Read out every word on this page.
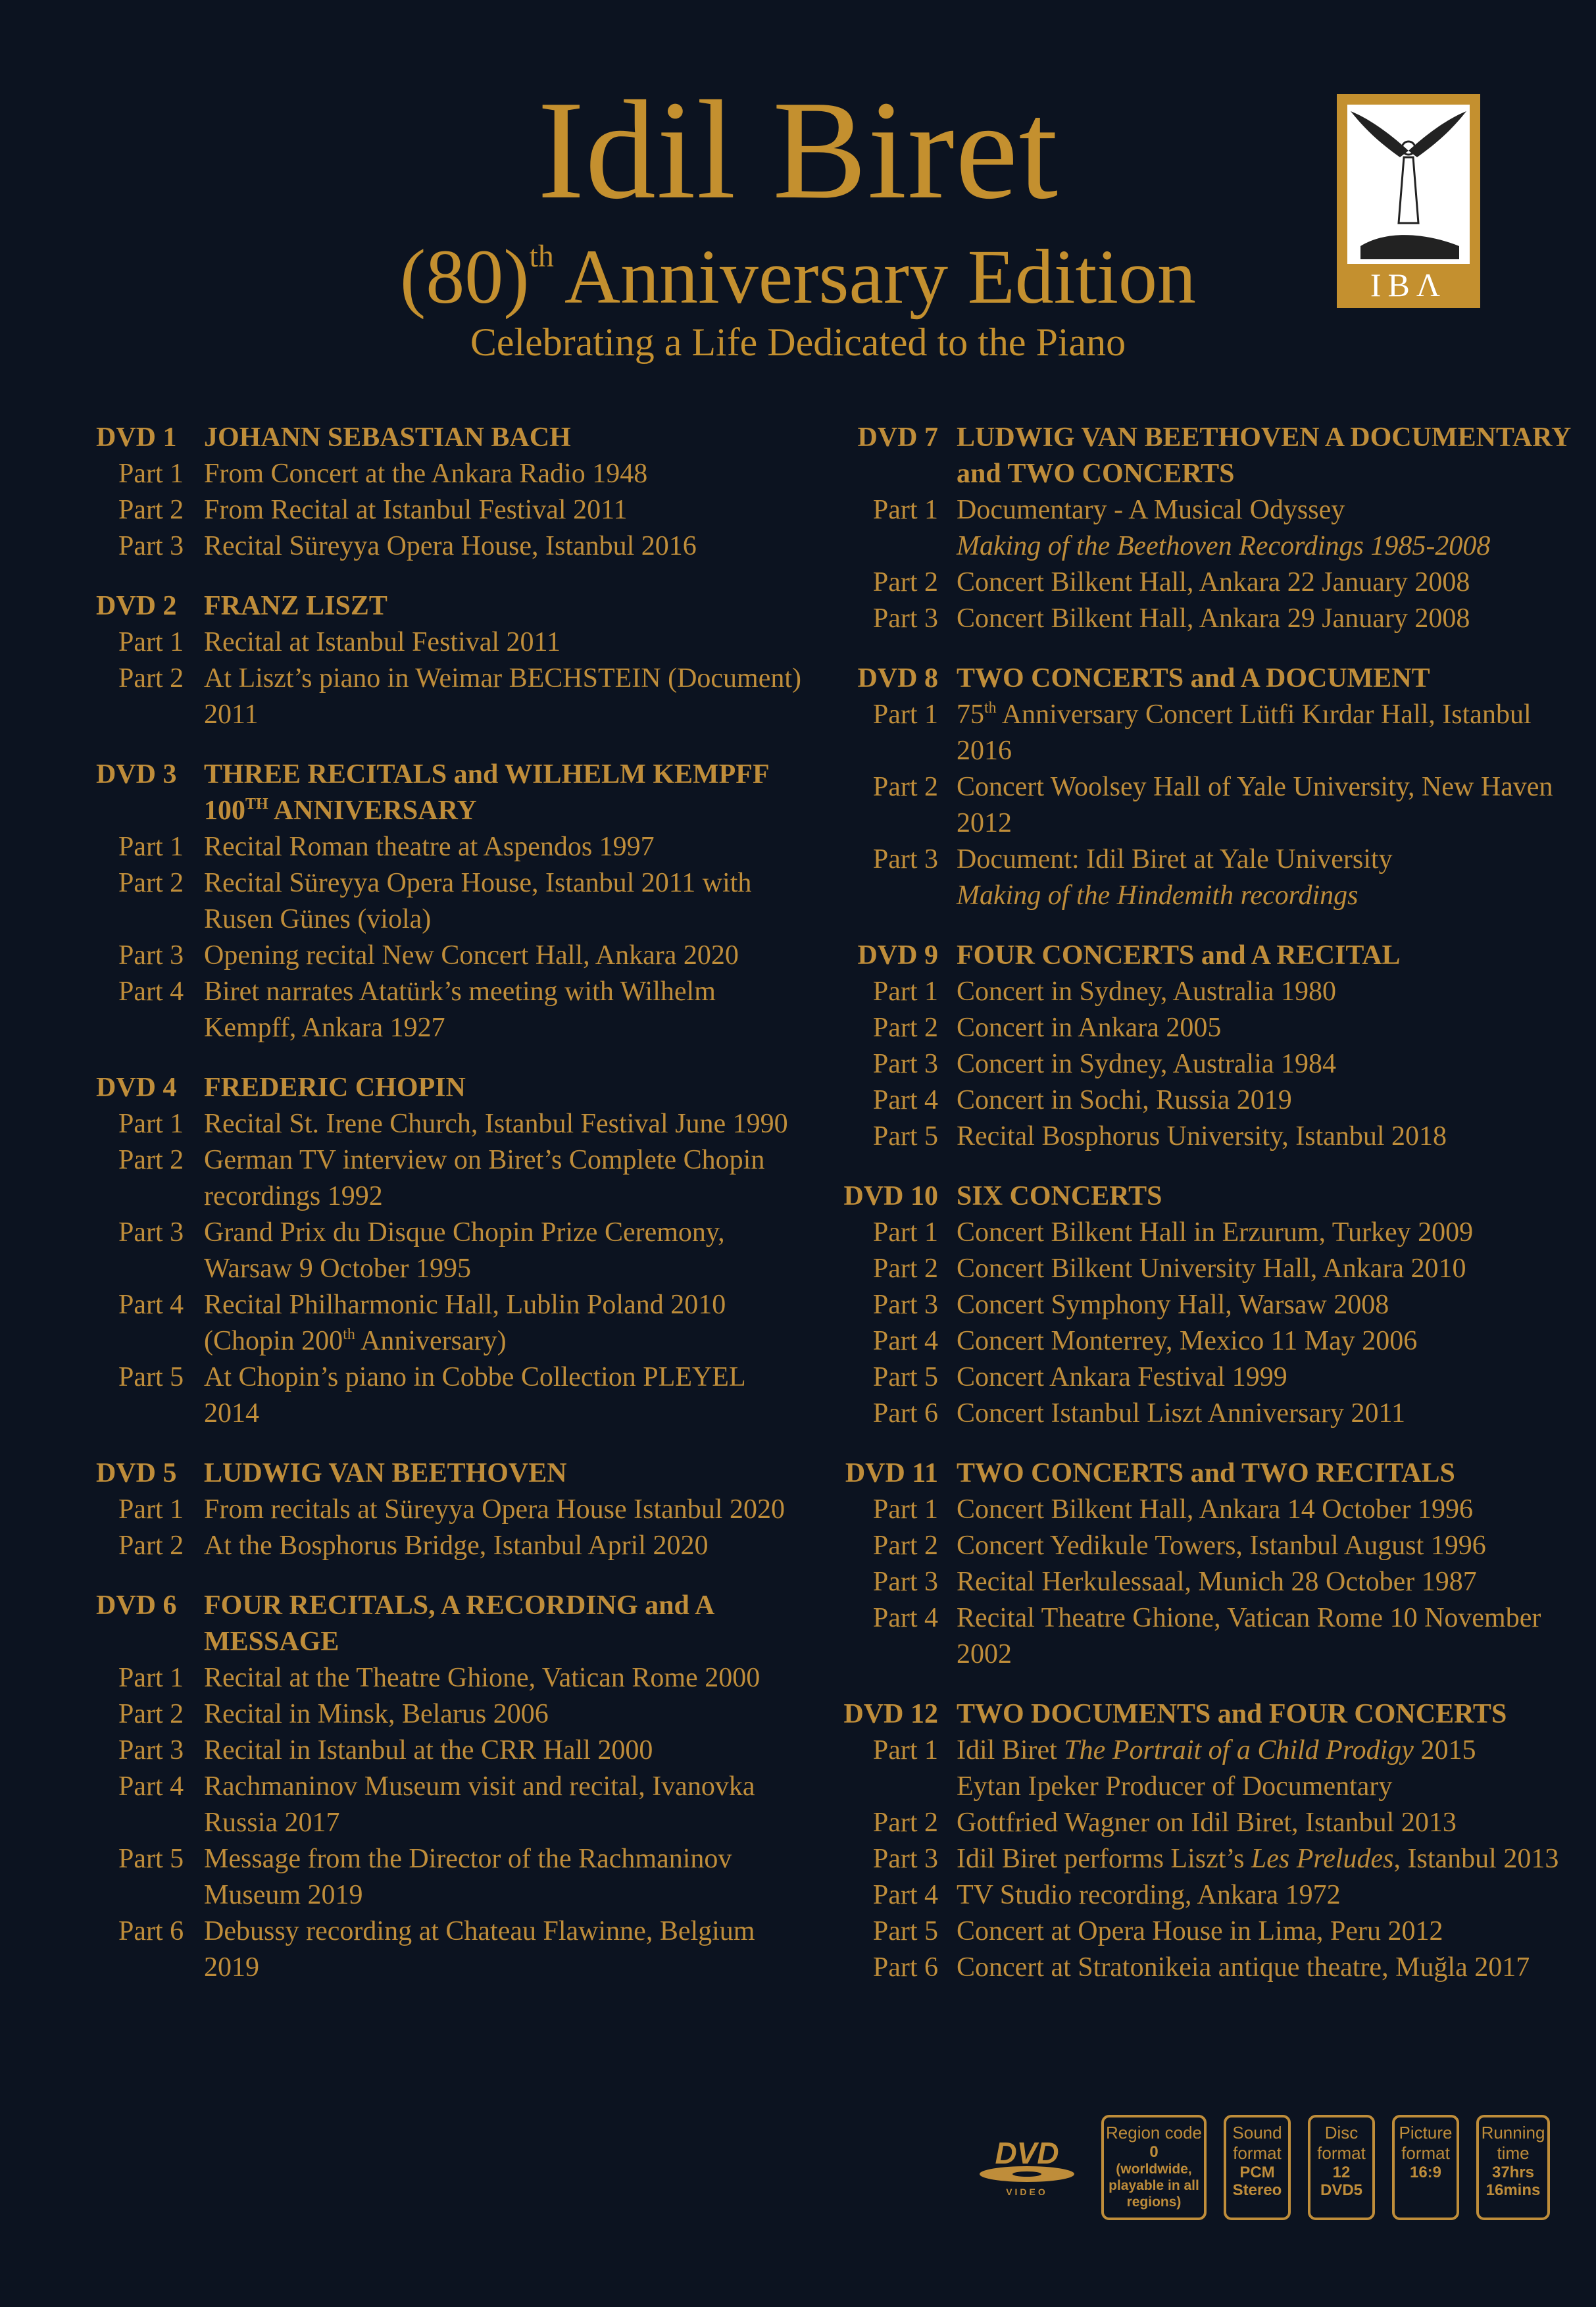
Idil Biret
$(80)^{th}$ Anniversary Edition
Celebrating a Life Dedicated to the Piano
IBΛ
DVD 1 JOHANN SEBASTIAN BACH
Part 1 From Concert at the Ankara Radio 1948
Part 2 From Recital at Istanbul Festival 2011
Part 3 Recital Süreyya Opera House, Istanbul 2016
DVD 2 FRANZ LISZT
Part 1 Recital at Istanbul Festival 2011
Part 2 At Liszt’s piano in Weimar BECHSTEIN (Document) 2011
DVD 3 THREE RECITALS and WILHELM KEMPFF
100TH ANNIVERSARY
Part 1 Recital Roman theatre at Aspendos 1997
Part 2 Recital Süreyya Opera House, Istanbul 2011 with Rusen Günes (viola)
Part 3 Opening recital New Concert Hall, Ankara 2020
Part 4 Biret narrates Atatürk’s meeting with Wilhelm Kempff, Ankara 1927
DVD 4 FREDERIC CHOPIN
Part 1 Recital St. Irene Church, Istanbul Festival June 1990
Part 2 German TV interview on Biret’s Complete Chopin recordings 1992
Part 3 Grand Prix du Disque Chopin Prize Ceremony, Warsaw 9 October 1995
Part 4 Recital Philharmonic Hall, Lublin Poland 2010 (Chopin 200th Anniversary)
Part 5 At Chopin’s piano in Cobbe Collection PLEYEL 2014
DVD 5 LUDWIG VAN BEETHOVEN
Part 1 From recitals at Süreyya Opera House Istanbul 2020
Part 2 At the Bosphorus Bridge, Istanbul April 2020
DVD 6 FOUR RECITALS, A RECORDING and A MESSAGE
Part 1 Recital at the Theatre Ghione, Vatican Rome 2000
Part 2 Recital in Minsk, Belarus 2006
Part 3 Recital in Istanbul at the CRR Hall 2000
Part 4 Rachmaninov Museum visit and recital, Ivanovka Russia 2017
Part 5 Message from the Director of the Rachmaninov Museum 2019
Part 6 Debussy recording at Chateau Flawinne, Belgium 2019
DVD 7 LUDWIG VAN BEETHOVEN A DOCUMENTARY and TWO CONCERTS
Part 1 Documentary - A Musical Odyssey
Making of the Beethoven Recordings 1985-2008
Part 2 Concert Bilkent Hall, Ankara 22 January 2008
Part 3 Concert Bilkent Hall, Ankara 29 January 2008
DVD 8 TWO CONCERTS and A DOCUMENT
Part 1 75th Anniversary Concert Lütfi Kırdar Hall, Istanbul 2016
Part 2 Concert Woolsey Hall of Yale University, New Haven 2012
Part 3 Document: Idil Biret at Yale University
Making of the Hindemith recordings
DVD 9 FOUR CONCERTS and A RECITAL
Part 1 Concert in Sydney, Australia 1980
Part 2 Concert in Ankara 2005
Part 3 Concert in Sydney, Australia 1984
Part 4 Concert in Sochi, Russia 2019
Part 5 Recital Bosphorus University, Istanbul 2018
DVD 10 SIX CONCERTS
Part 1 Concert Bilkent Hall in Erzurum, Turkey 2009
Part 2 Concert Bilkent University Hall, Ankara 2010
Part 3 Concert Symphony Hall, Warsaw 2008
Part 4 Concert Monterrey, Mexico 11 May 2006
Part 5 Concert Ankara Festival 1999
Part 6 Concert Istanbul Liszt Anniversary 2011
DVD 11 TWO CONCERTS and TWO RECITALS
Part 1 Concert Bilkent Hall, Ankara 14 October 1996
Part 2 Concert Yedikule Towers, Istanbul August 1996
Part 3 Recital Herkulessaal, Munich 28 October 1987
Part 4 Recital Theatre Ghione, Vatican Rome 10 November 2002
DVD 12 TWO DOCUMENTS and FOUR CONCERTS
Part 1 Idil Biret The Portrait of a Child Prodigy 2015
Eytan Ipeker Producer of Documentary
Part 2 Gottfried Wagner on Idil Biret, Istanbul 2013
Part 3 Idil Biret performs Liszt’s Les Preludes, Istanbul 2013
Part 4 TV Studio recording, Ankara 1972
Part 5 Concert at Opera House in Lima, Peru 2012
Part 6 Concert at Stratonikeia antique theatre, Muğla 2017
DVD
VIDEO
Region code
0
(worldwide, playable in all regions)
Sound format
PCM Stereo
Disc format
12 DVD5
Picture format
16:9
Running time
37hrs 16mins
